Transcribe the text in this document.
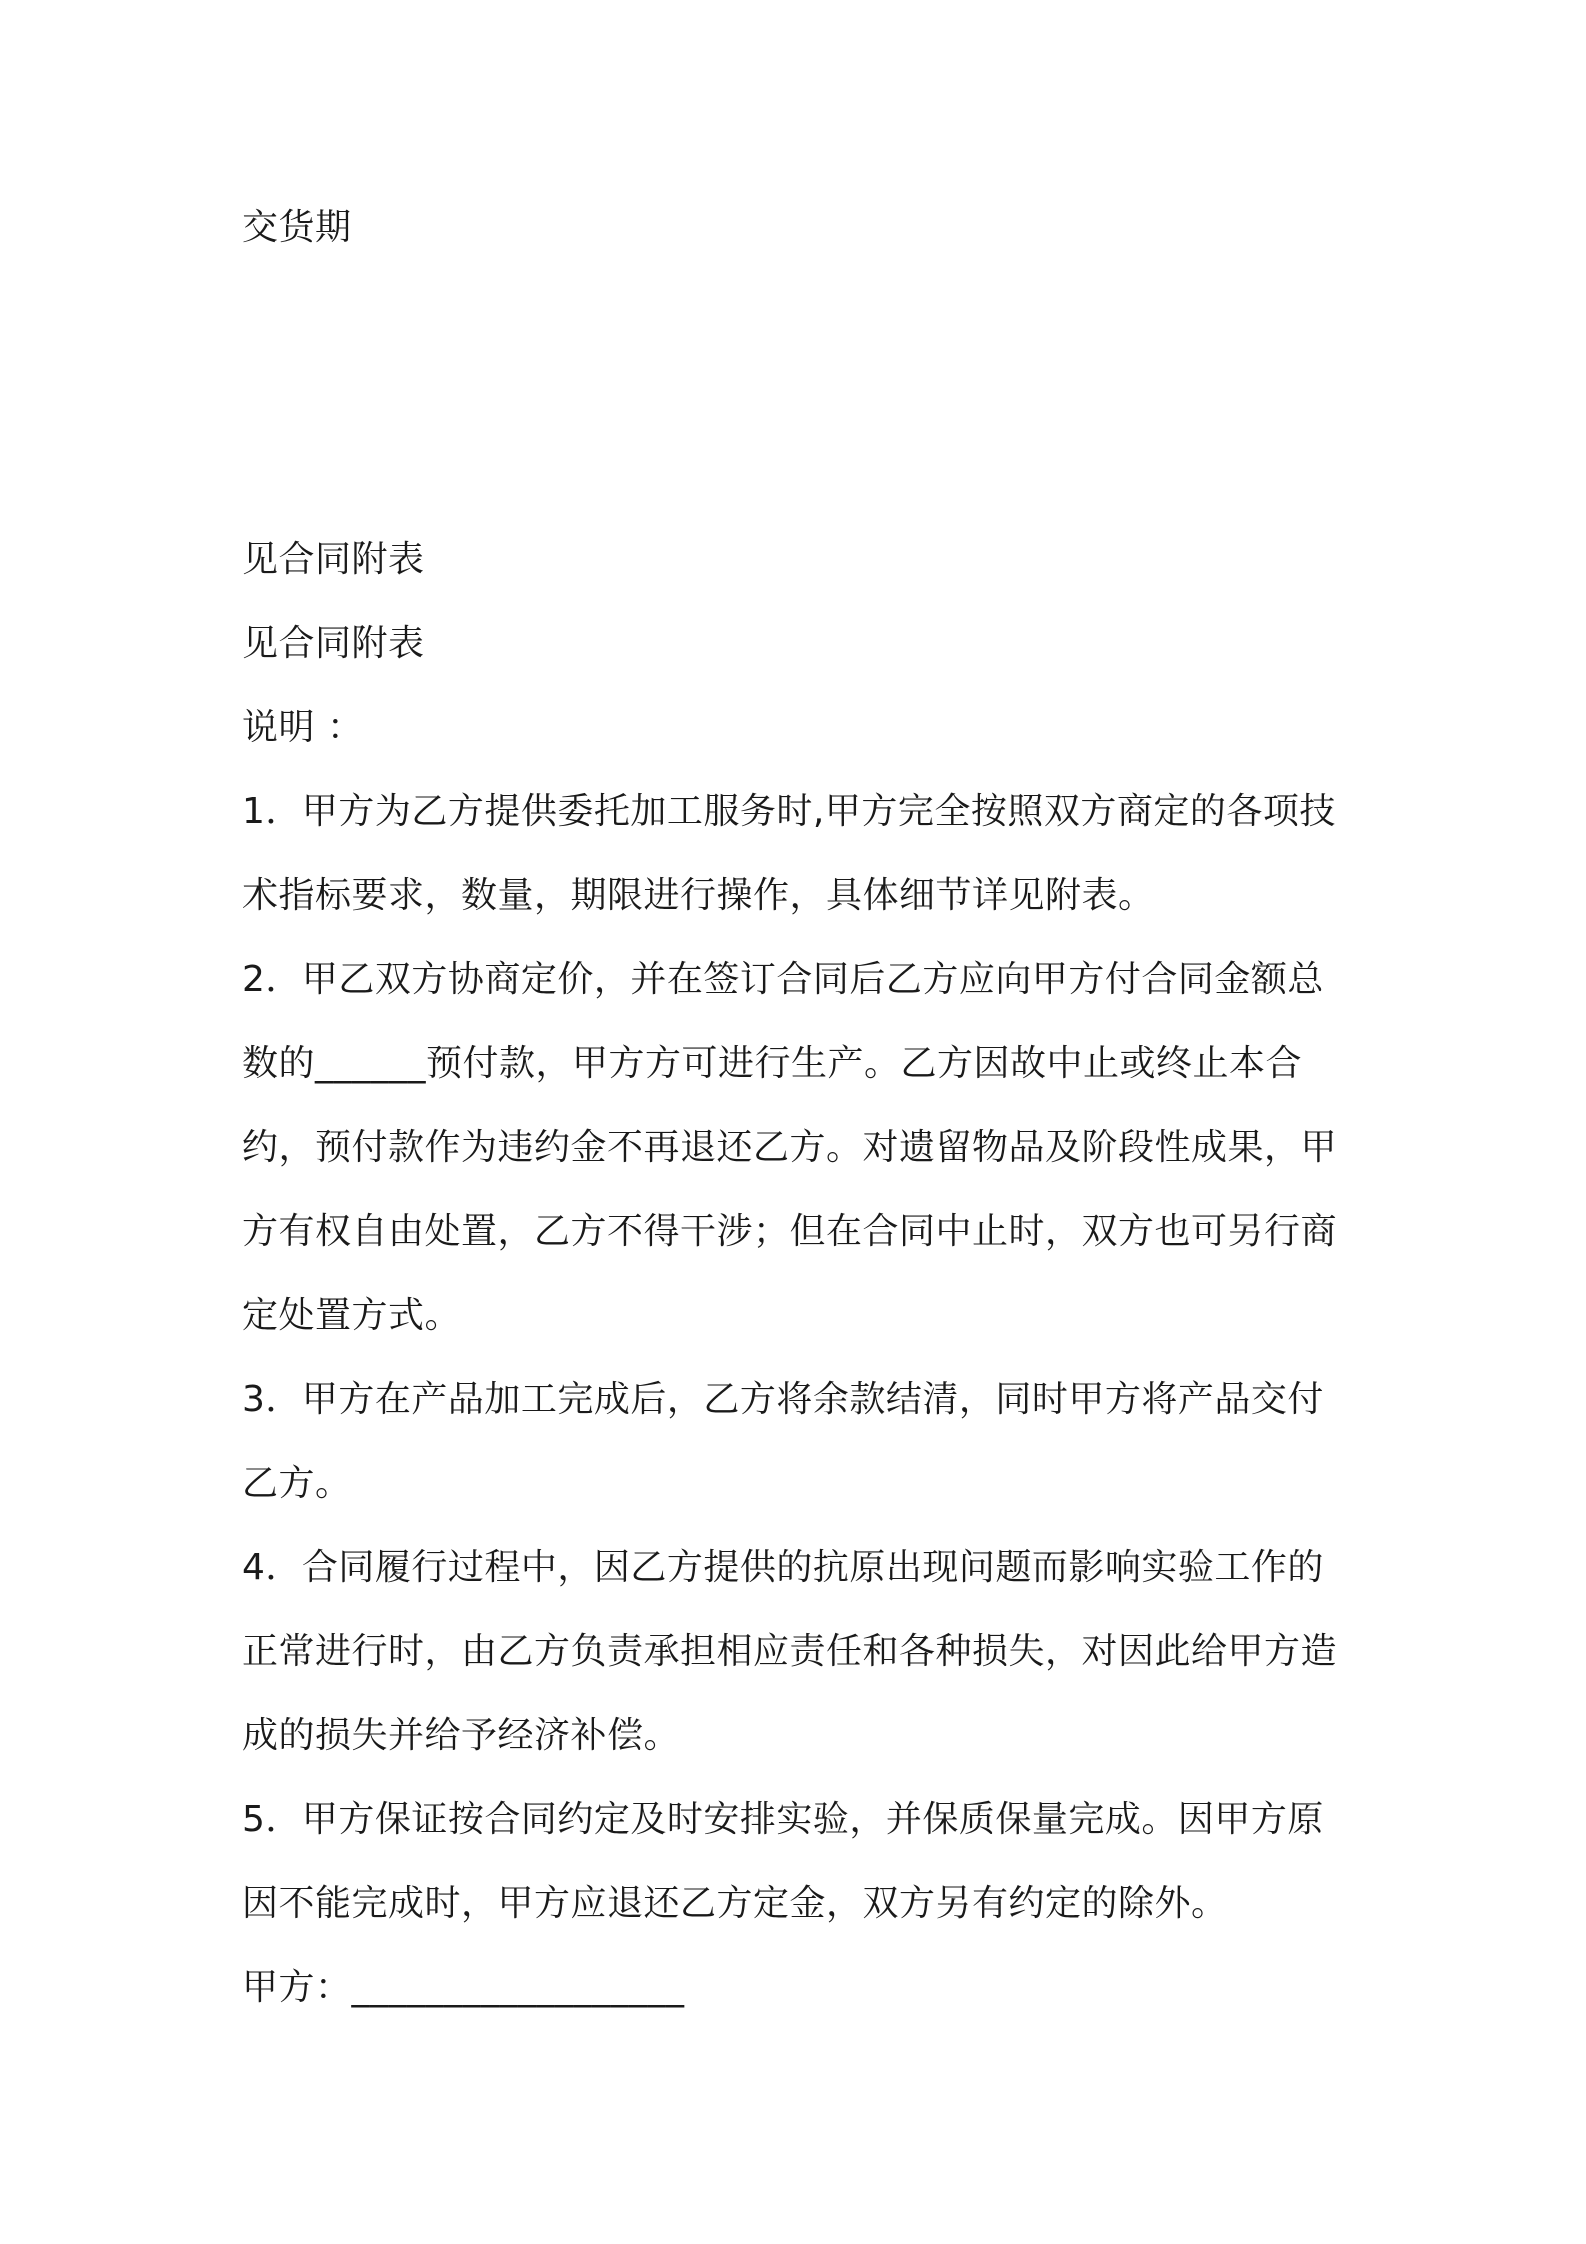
交货期
见合同附表
见合同附表
说明 ：
1．甲方为乙方提供委托加工服务时,甲方完全按照双方商定的各项技
术指标要求，数量，期限进行操作，具体细节详见附表。
2．甲乙双方协商定价，并在签订合同后乙方应向甲方付合同金额总
数的______预付款，甲方方可进行生产。乙方因故中止或终止本合
约，预付款作为违约金不再退还乙方。对遗留物品及阶段性成果，甲
方有权自由处置，乙方不得干涉；但在合同中止时，双方也可另行商
定处置方式。
3．甲方在产品加工完成后，乙方将余款结清，同时甲方将产品交付
乙方。
4．合同履行过程中，因乙方提供的抗原出现问题而影响实验工作的
正常进行时，由乙方负责承担相应责任和各种损失，对因此给甲方造
成的损失并给予经济补偿。
5．甲方保证按合同约定及时安排实验，并保质保量完成。因甲方原
因不能完成时，甲方应退还乙方定金，双方另有约定的除外。
甲方：__________________
